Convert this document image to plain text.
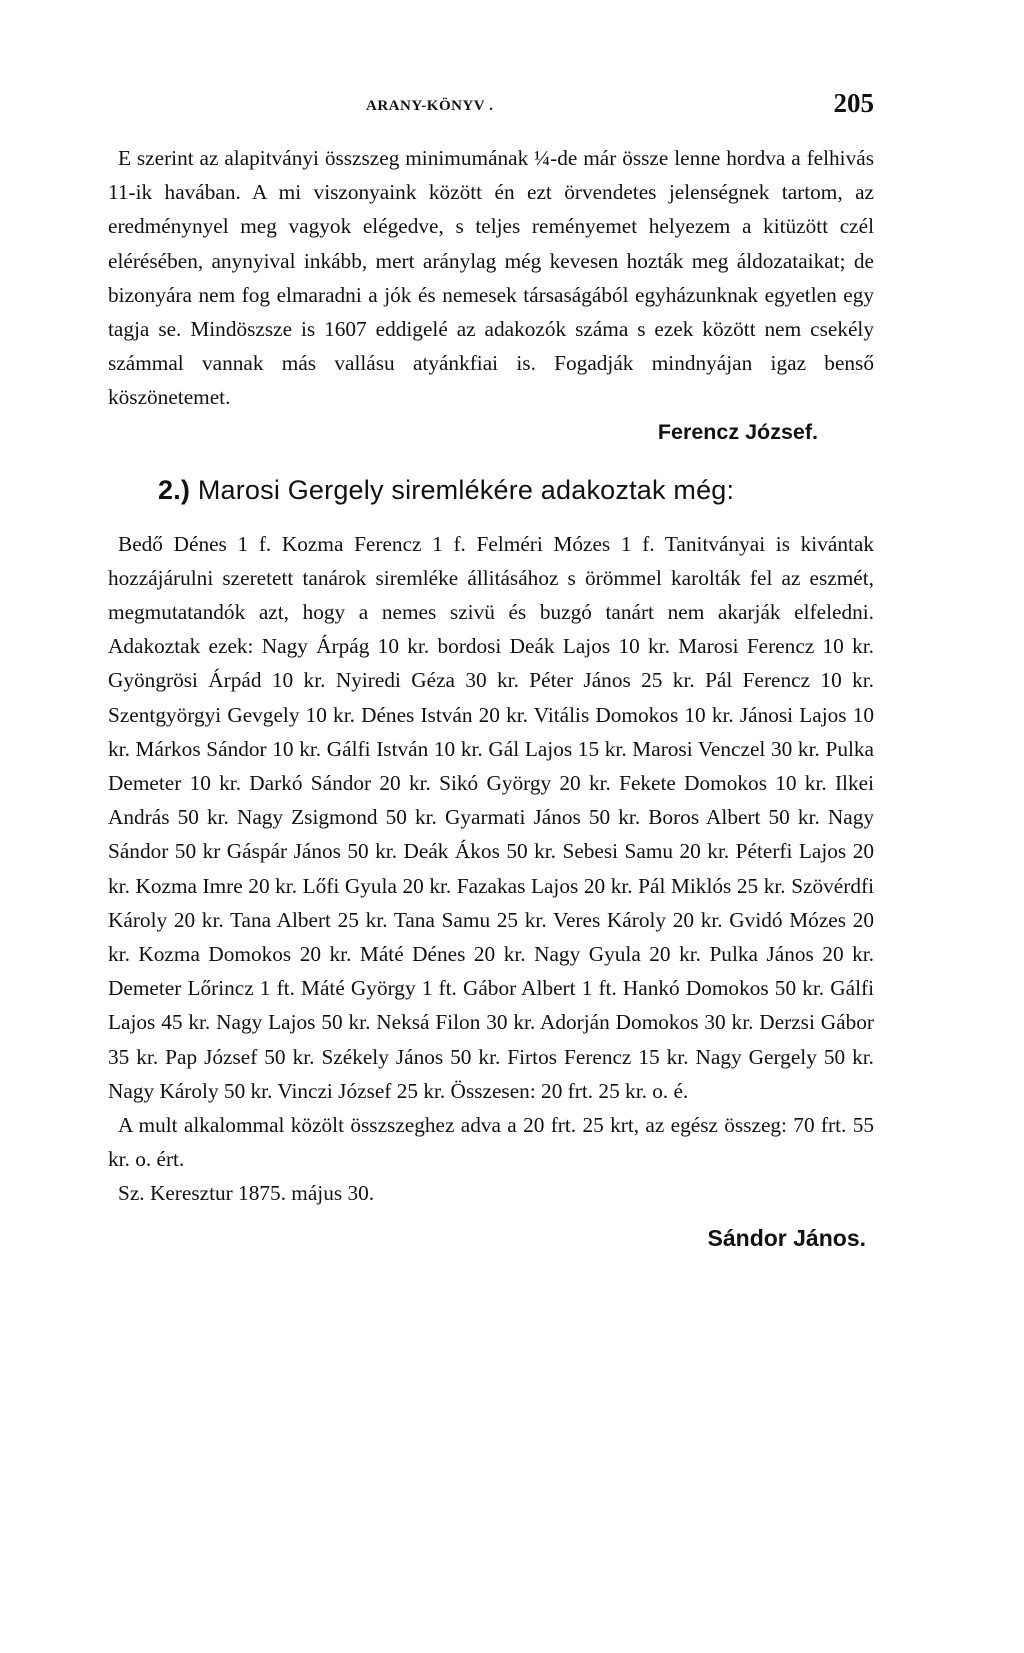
ARANY-KÖNYV .	205

E szerint az alapitványi összszeg minimumának ¼-de már össze lenne hordva a felhivás 11-ik havában. A mi viszonyaink között én ezt örvendetes jelenségnek tartom, az eredménynyel meg vagyok elégedve, s teljes reményemet helyezem a kitüzött czél elérésében, anynyival inkább, mert aránylag még kevesen hozták meg áldozataikat; de bizonyára nem fog elmaradni a jók és nemesek társaságából egyházunknak egyetlen egy tagja se. Mindöszsze is 1607 eddigelé az adakozók száma s ezek között nem csekély számmal vannak más vallásu atyánkfiai is. Fogadják mindnyájan igaz benső köszönetemet.

Ferencz József.

2.) Marosi Gergely siremlékére adakoztak még:

Bedő Dénes 1 f. Kozma Ferencz 1 f. Felméri Mózes 1 f. Tanitványai is kivántak hozzájárulni szeretett tanárok siremléke állitásához s örömmel karolták fel az eszmét, megmutatandók azt, hogy a nemes szivü és buzgó tanárt nem akarják elfeledni. Adakoztak ezek: Nagy Árpág 10 kr. bordosi Deák Lajos 10 kr. Marosi Ferencz 10 kr. Gyöngrösi Árpád 10 kr. Nyiredi Géza 30 kr. Péter János 25 kr. Pál Ferencz 10 kr. Szentgyörgyi Gevgely 10 kr. Dénes István 20 kr. Vitális Domokos 10 kr. Jánosi Lajos 10 kr. Márkos Sándor 10 kr. Gálfi István 10 kr. Gál Lajos 15 kr. Marosi Venczel 30 kr. Pulka Demeter 10 kr. Darkó Sándor 20 kr. Sikó György 20 kr. Fekete Domokos 10 kr. Ilkei András 50 kr. Nagy Zsigmond 50 kr. Gyarmati János 50 kr. Boros Albert 50 kr. Nagy Sándor 50 kr Gáspár János 50 kr. Deák Ákos 50 kr. Sebesi Samu 20 kr. Péterfi Lajos 20 kr. Kozma Imre 20 kr. Lőfi Gyula 20 kr. Fazakas Lajos 20 kr. Pál Miklós 25 kr. Szövérdfi Károly 20 kr. Tana Albert 25 kr. Tana Samu 25 kr. Veres Károly 20 kr. Gvidó Mózes 20 kr. Kozma Domokos 20 kr. Máté Dénes 20 kr. Nagy Gyula 20 kr. Pulka János 20 kr. Demeter Lőrincz 1 ft. Máté György 1 ft. Gábor Albert 1 ft. Hankó Domokos 50 kr. Gálfi Lajos 45 kr. Nagy Lajos 50 kr. Neksá Filon 30 kr. Adorján Domokos 30 kr. Derzsi Gábor 35 kr. Pap József 50 kr. Székely János 50 kr. Firtos Ferencz 15 kr. Nagy Gergely 50 kr. Nagy Károly 50 kr. Vinczi József 25 kr. Összesen: 20 frt. 25 kr. o. é.

A mult alkalommal közölt összszeghez adva a 20 frt. 25 krt, az egész összeg: 70 frt. 55 kr. o. ért.

Sz. Keresztur 1875. május 30.

Sándor János.
